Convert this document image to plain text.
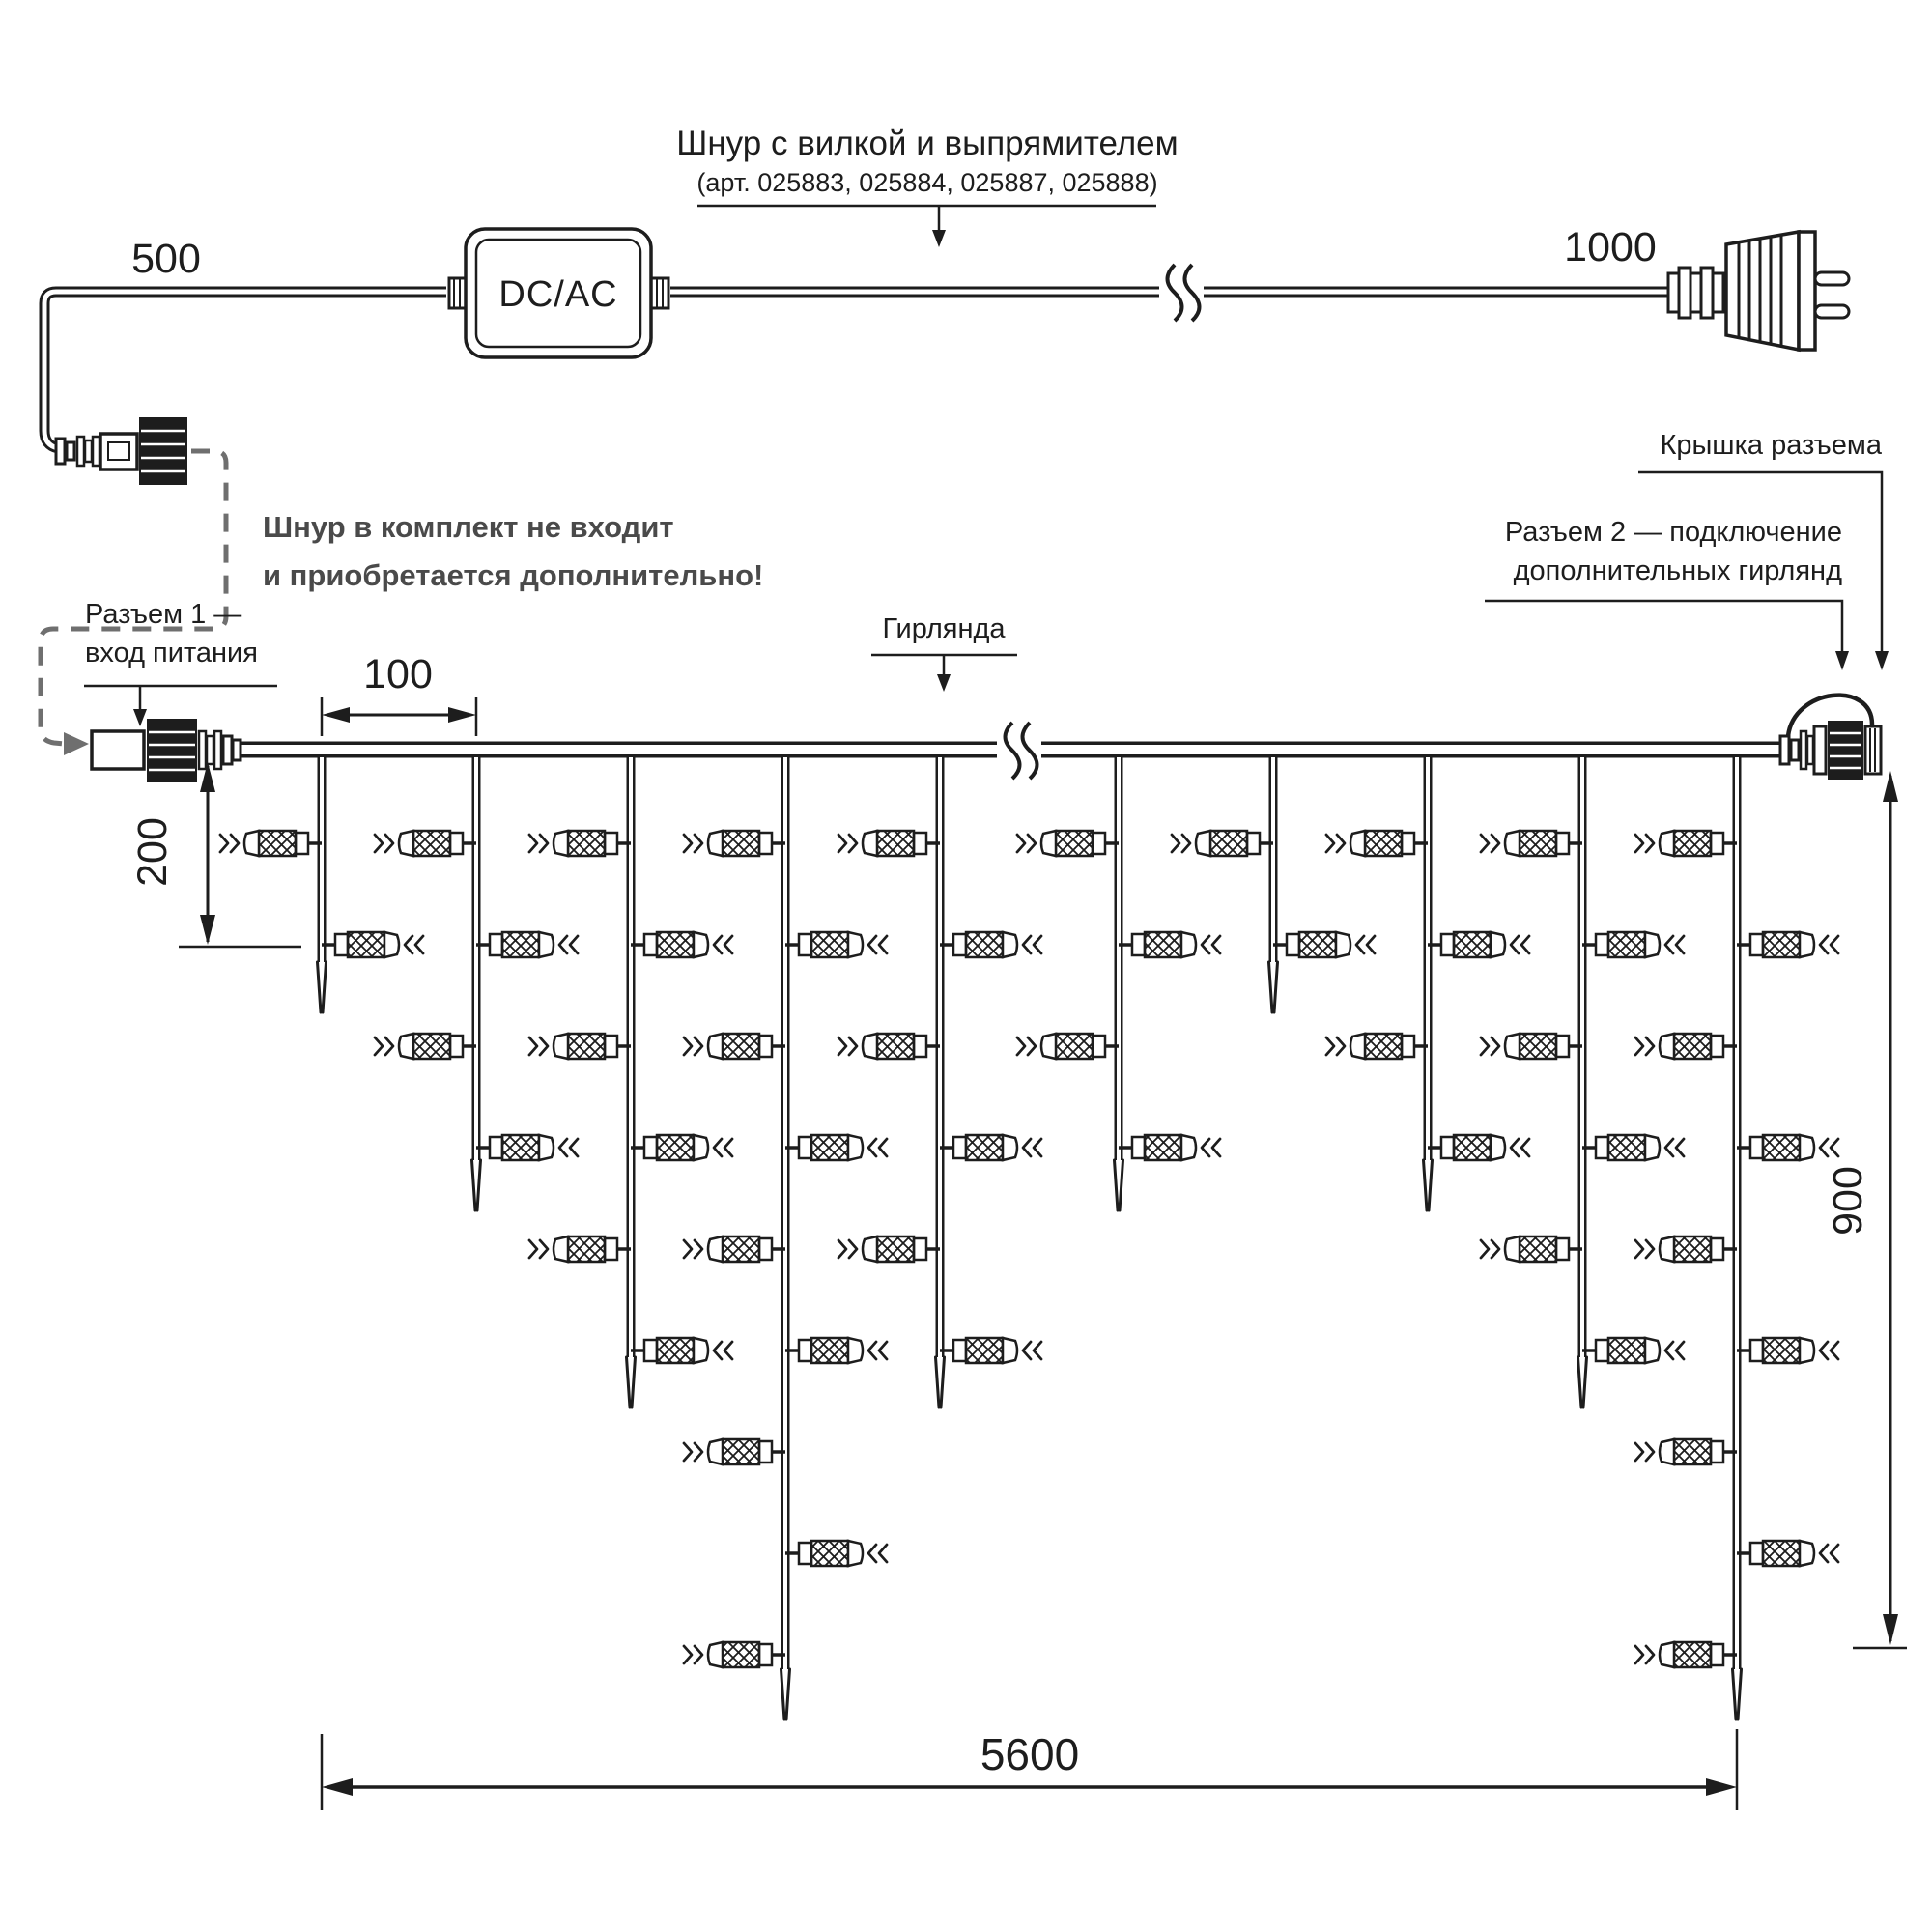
Шнур с вилкой и выпрямителем
(арт. 025883, 025884, 025887, 025888)
DC/AC
500	1000
Шнур в комплект не входит
и приобретается дополнительно!
Разъем 1 —
вход питания
Гирлянда
Крышка разъема
Разъем 2 — подключение
дополнительных гирлянд
100
200
900
5600
